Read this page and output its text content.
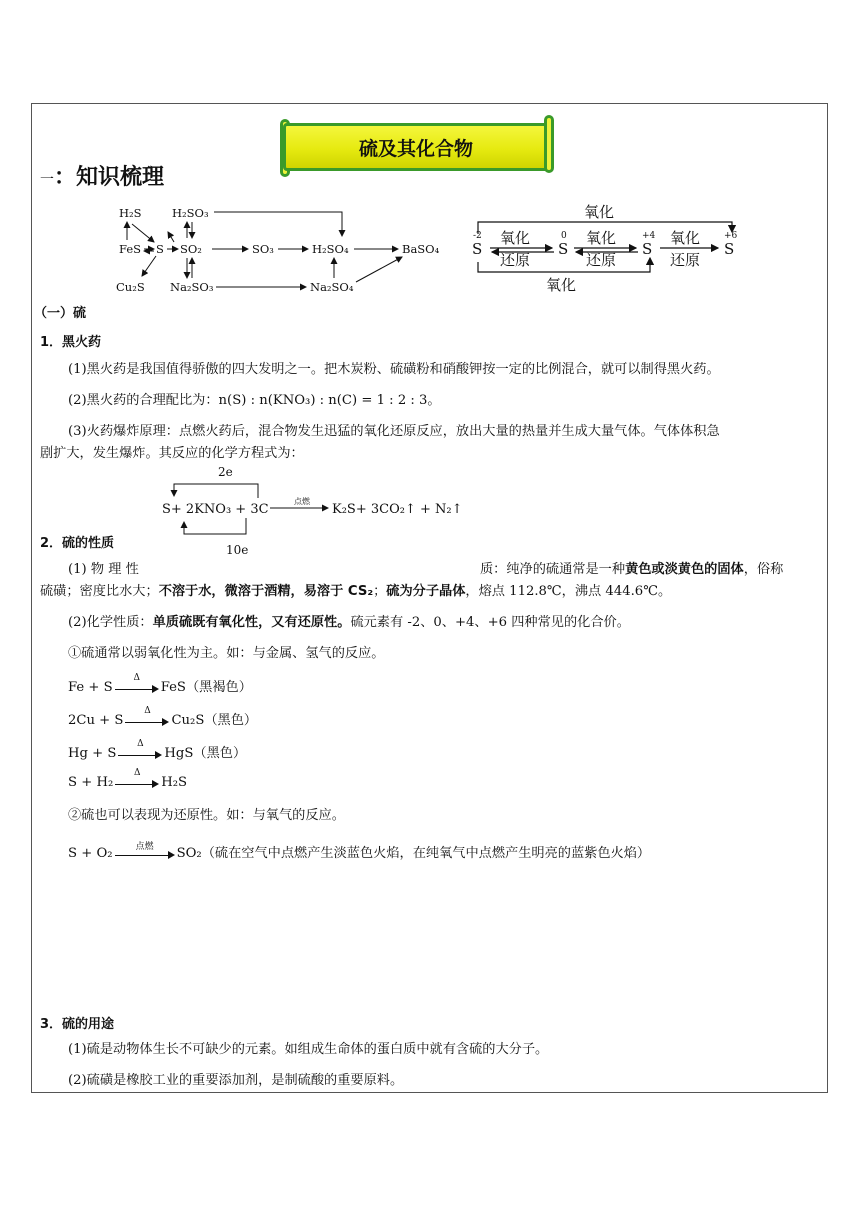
硫及其化合物
一：知识梳理
H₂S	H₂SO₃
FeS S SO₂	SO₃	H₂SO₄	BaSO₄
Cu₂S Na₂SO₃	Na₂SO₄
氧化
氧化
氧化
还原
氧化
还原
氧化
还原
S	S	S	S
-2	0	+4	+6
（一）硫
1．黑火药
(1)黑火药是我国值得骄傲的四大发明之一。把木炭粉、硫磺粉和硝酸钾按一定的比例混合，就可以制得黑火药。
(2)黑火药的合理配比为：n(S) : n(KNO₃) : n(C) = 1 : 2 : 3。
(3)火药爆炸原理：点燃火药后，混合物发生迅猛的氧化还原反应，放出大量的热量并生成大量气体。气体体积急
剧扩大，发生爆炸。其反应的化学方程式为：
2e
S+ 2KNO₃ + 3C
点燃
K₂S+ 3CO₂↑ + N₂↑
10e
2．硫的性质
(1) 物 理 性	质：纯净的硫通常是一种黄色或淡黄色的固体，俗称
硫磺；密度比水大；不溶于水，微溶于酒精，易溶于 CS₂；硫为分子晶体，熔点 112.8℃，沸点 444.6℃。
(2)化学性质：单质硫既有氧化性，又有还原性。硫元素有 -2、0、+4、+6 四种常见的化合价。
①硫通常以弱氧化性为主。如：与金属、氢气的反应。
Fe + S
Δ
FeS（黑褐色）
2Cu + S
Δ
Cu₂S（黑色）
Hg + S
Δ
HgS（黑色）
S + H₂
Δ
H₂S
②硫也可以表现为还原性。如：与氧气的反应。
S + O₂	点燃	SO₂（硫在空气中点燃产生淡蓝色火焰，在纯氧气中点燃产生明亮的蓝紫色火焰）
3．硫的用途
(1)硫是动物体生长不可缺少的元素。如组成生命体的蛋白质中就有含硫的大分子。
(2)硫磺是橡胶工业的重要添加剂，是制硫酸的重要原料。
